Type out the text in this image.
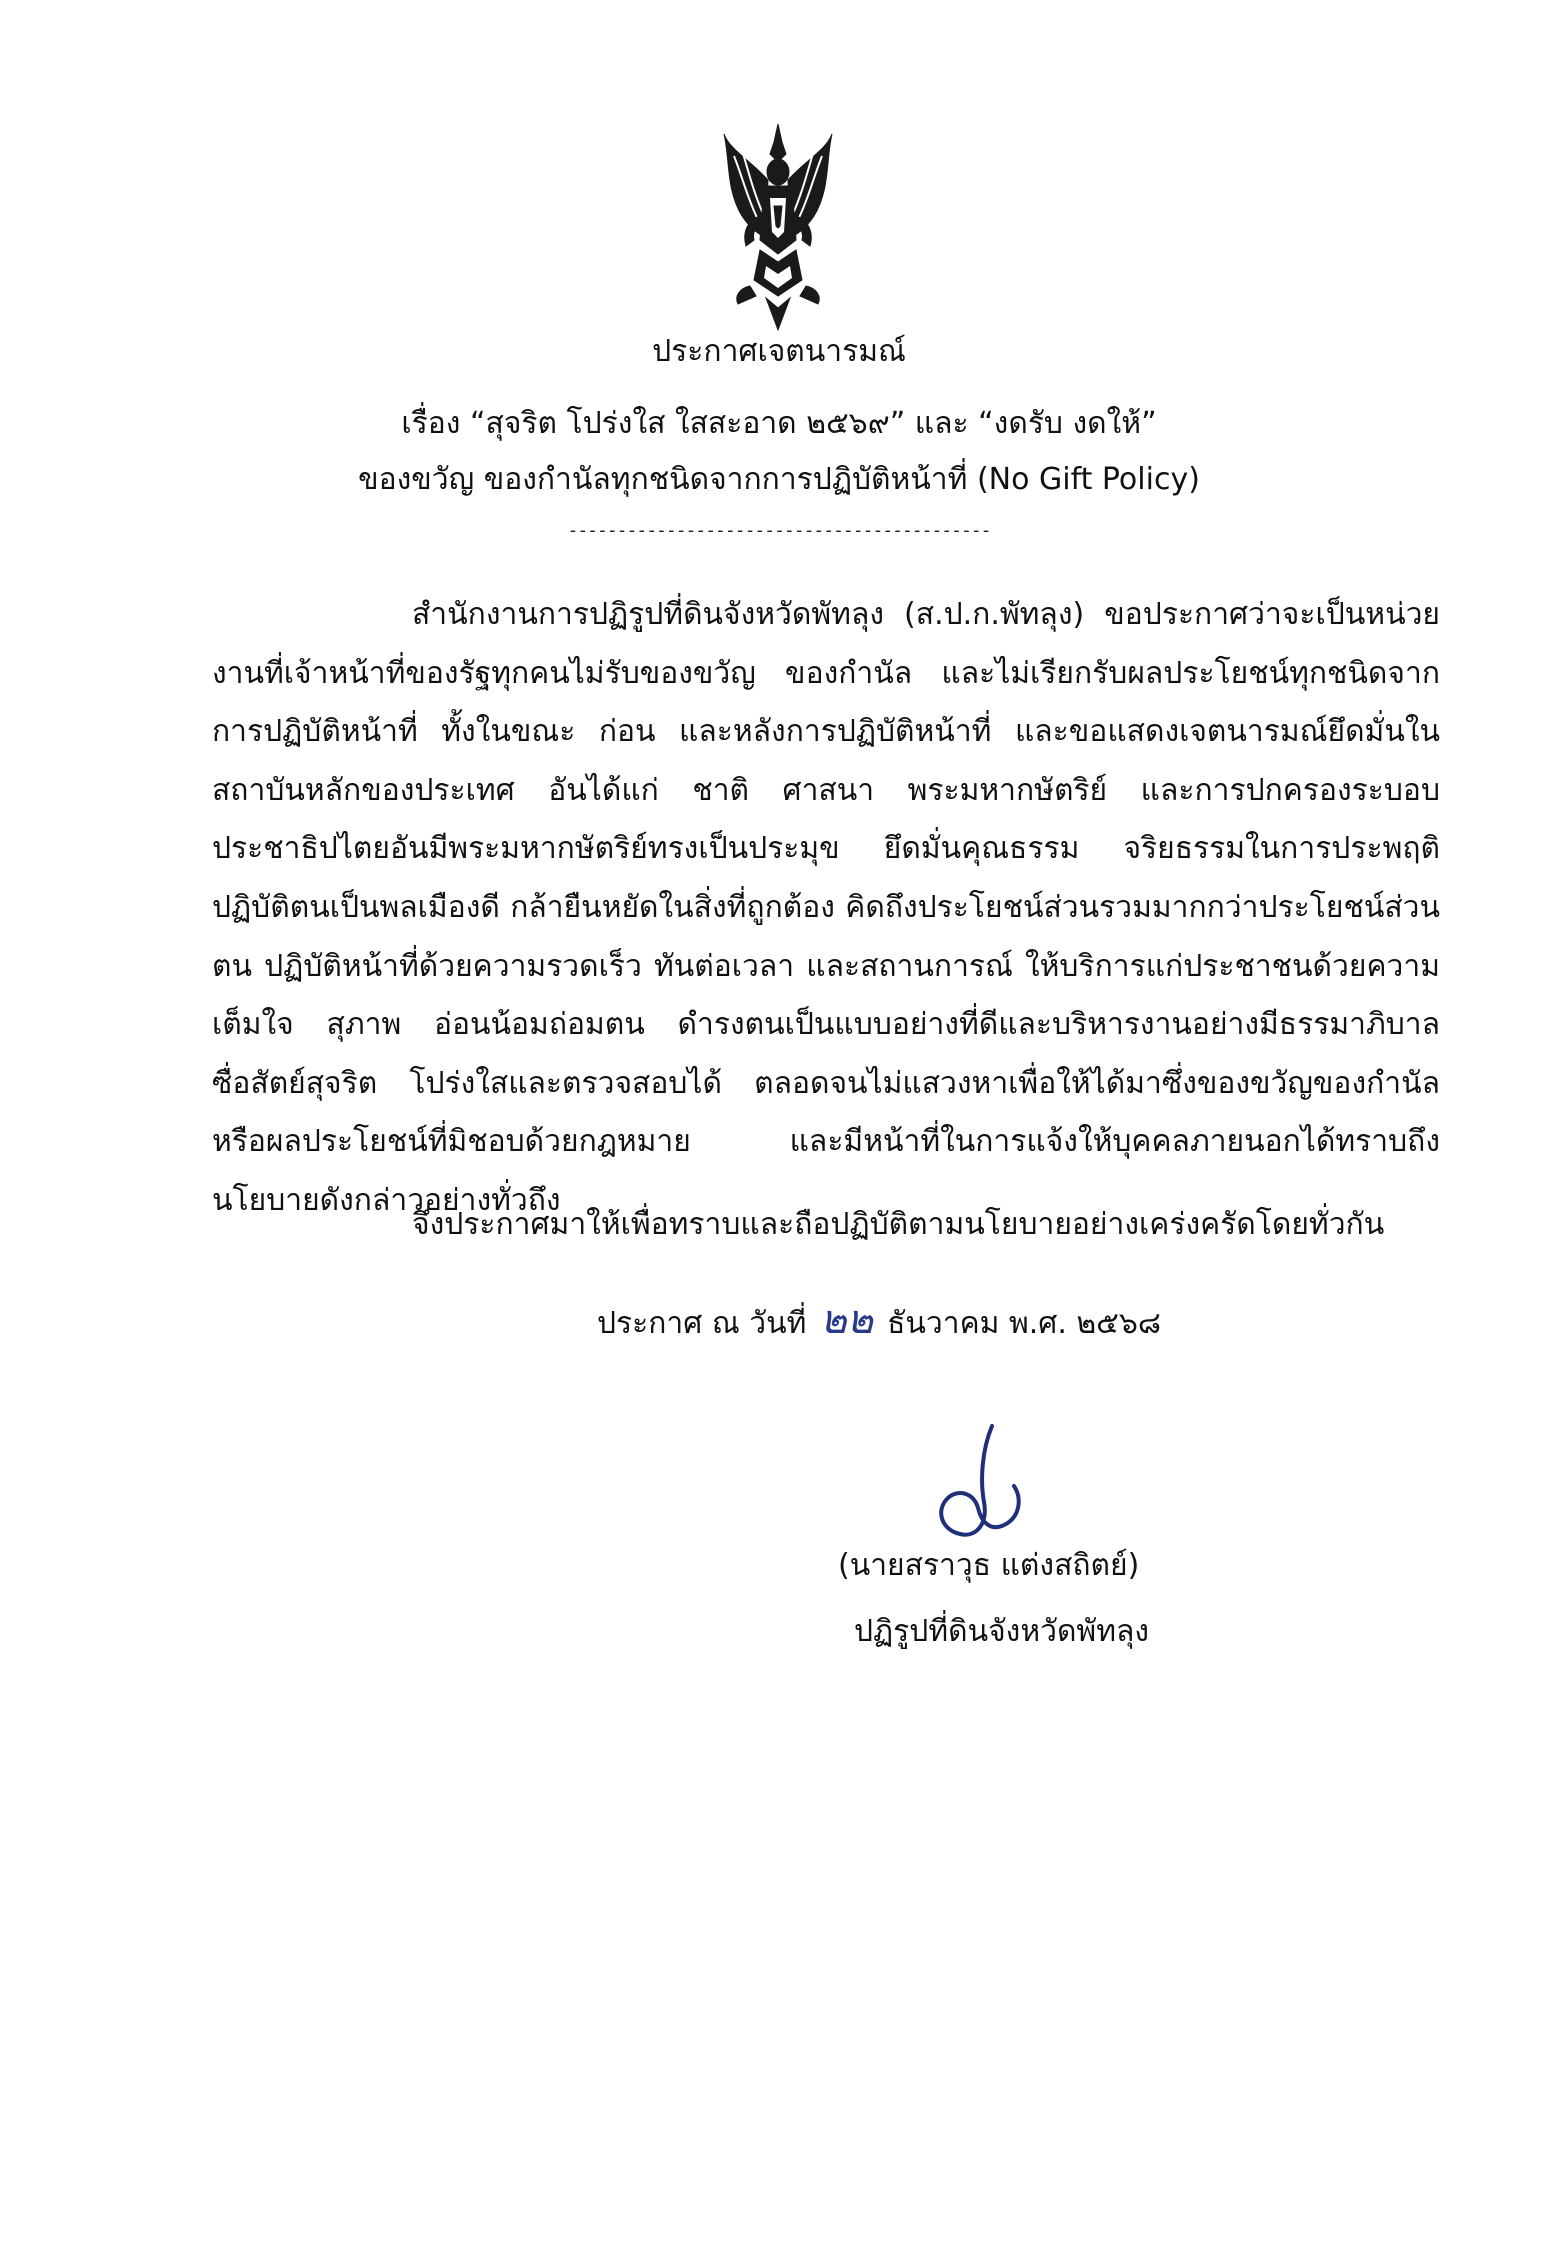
ประกาศเจตนารมณ์
เรื่อง “สุจริต โปร่งใส ใสสะอาด ๒๕๖๙” และ “งดรับ งดให้”
ของขวัญ ของกำนัลทุกชนิดจากการปฏิบัติหน้าที่ (No Gift Policy)
-------------------------------------------
สำนักงานการปฏิรูปที่ดินจังหวัดพัทลุง (ส.ป.ก.พัทลุง) ขอประกาศว่าจะเป็นหน่วยงานที่เจ้าหน้าที่ของรัฐทุกคนไม่รับของขวัญ ของกำนัล และไม่เรียกรับผลประโยชน์ทุกชนิดจากการปฏิบัติหน้าที่ ทั้งในขณะ ก่อน และหลังการปฏิบัติหน้าที่ และขอแสดงเจตนารมณ์ยึดมั่นในสถาบันหลักของประเทศ อันได้แก่ ชาติ ศาสนา พระมหากษัตริย์ และการปกครองระบอบประชาธิปไตยอันมีพระมหากษัตริย์ทรงเป็นประมุข ยึดมั่นคุณธรรม จริยธรรมในการประพฤติปฏิบัติตนเป็นพลเมืองดี กล้ายืนหยัดในสิ่งที่ถูกต้อง คิดถึงประโยชน์ส่วนรวมมากกว่าประโยชน์ส่วนตน ปฏิบัติหน้าที่ด้วยความรวดเร็ว ทันต่อเวลา และสถานการณ์ ให้บริการแก่ประชาชนด้วยความเต็มใจ สุภาพ อ่อนน้อมถ่อมตน ดำรงตนเป็นแบบอย่างที่ดีและบริหารงานอย่างมีธรรมาภิบาล ซื่อสัตย์สุจริต โปร่งใสและตรวจสอบได้ ตลอดจนไม่แสวงหาเพื่อให้ได้มาซึ่งของขวัญของกำนัล หรือผลประโยชน์ที่มิชอบด้วยกฎหมาย และมีหน้าที่ในการแจ้งให้บุคคลภายนอกได้ทราบถึงนโยบายดังกล่าวอย่างทั่วถึง
จึงประกาศมาให้เพื่อทราบและถือปฏิบัติตามนโยบายอย่างเคร่งครัดโดยทั่วกัน
ประกาศ ณ วันที่ ๒๒ ธันวาคม พ.ศ. ๒๕๖๘
(นายสราวุธ แต่งสถิตย์)
ปฏิรูปที่ดินจังหวัดพัทลุง
